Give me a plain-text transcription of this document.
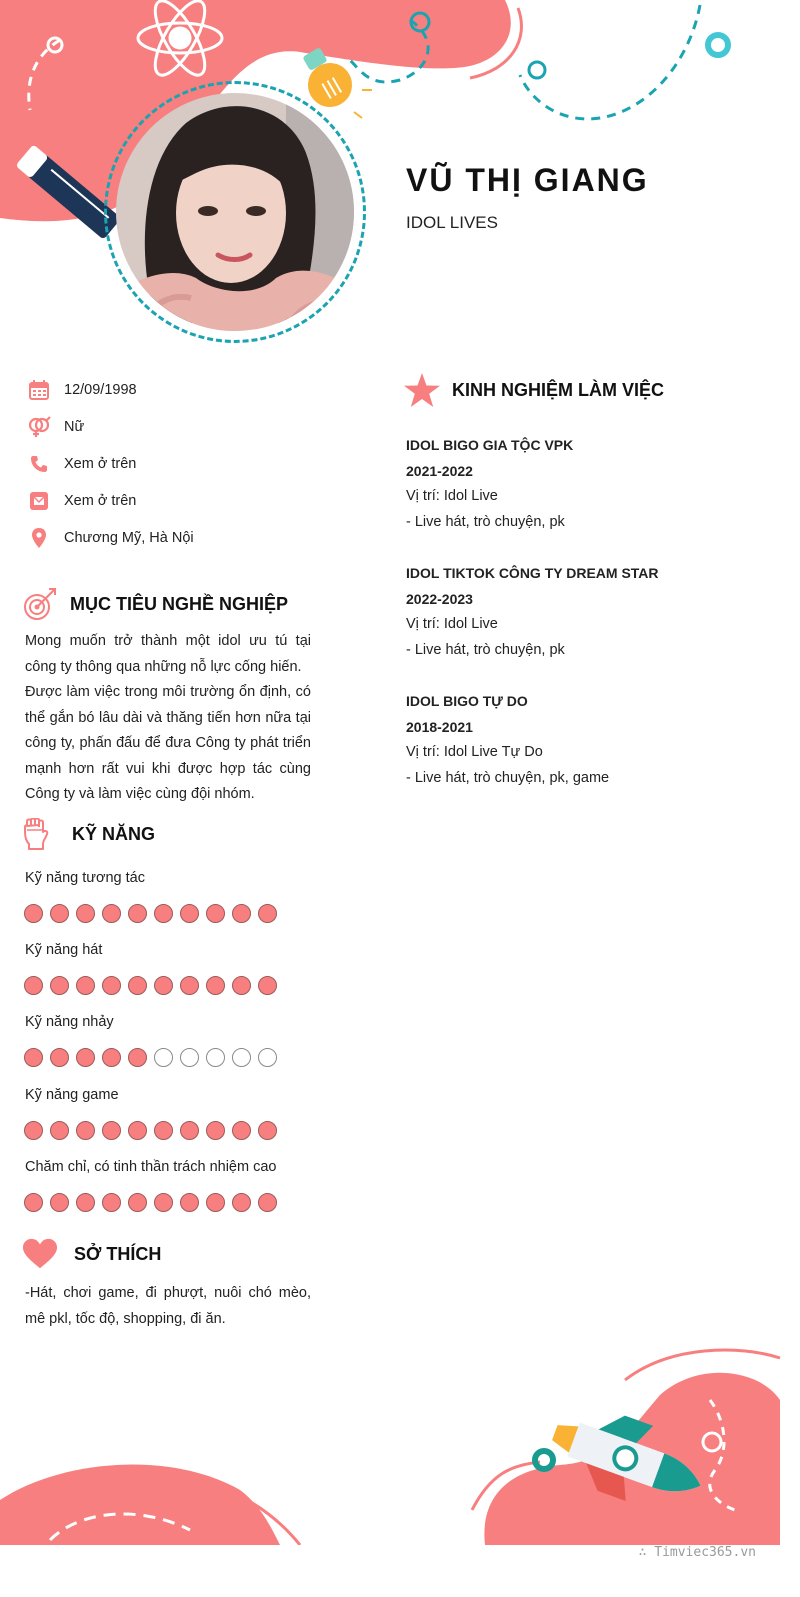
VŨ THỊ GIANG
IDOL LIVES
12/09/1998
Nữ
Xem ở trên
Xem ở trên
Chương Mỹ, Hà Nội
MỤC TIÊU NGHỀ NGHIỆP
Mong muốn trở thành một idol ưu tú tại công ty thông qua những nỗ lực cống hiến.
Được làm việc trong môi trường ổn định, có thể gắn bó lâu dài và thăng tiến hơn nữa tại công ty, phấn đấu để đưa Công ty phát triển mạnh hơn rất vui khi được hợp tác cùng Công ty và làm việc cùng đội nhóm.
KỸ NĂNG
Kỹ năng tương tác
Kỹ năng hát
Kỹ năng nhảy
Kỹ năng game
Chăm chỉ, có tinh thần trách nhiệm cao
SỞ THÍCH
-Hát, chơi game, đi phượt, nuôi chó mèo, mê pkl, tốc độ, shopping, đi ăn.
KINH NGHIỆM LÀM VIỆC
IDOL BIGO GIA TỘC VPK
2021-2022
Vị trí: Idol Live
- Live hát, trò chuyện, pk
IDOL TIKTOK CÔNG TY DREAM STAR
2022-2023
Vị trí: Idol Live
- Live hát, trò chuyện, pk
IDOL BIGO TỰ DO
2018-2021
Vị trí: Idol Live Tự Do
- Live hát, trò chuyện, pk, game
∴ Timviec365.vn
